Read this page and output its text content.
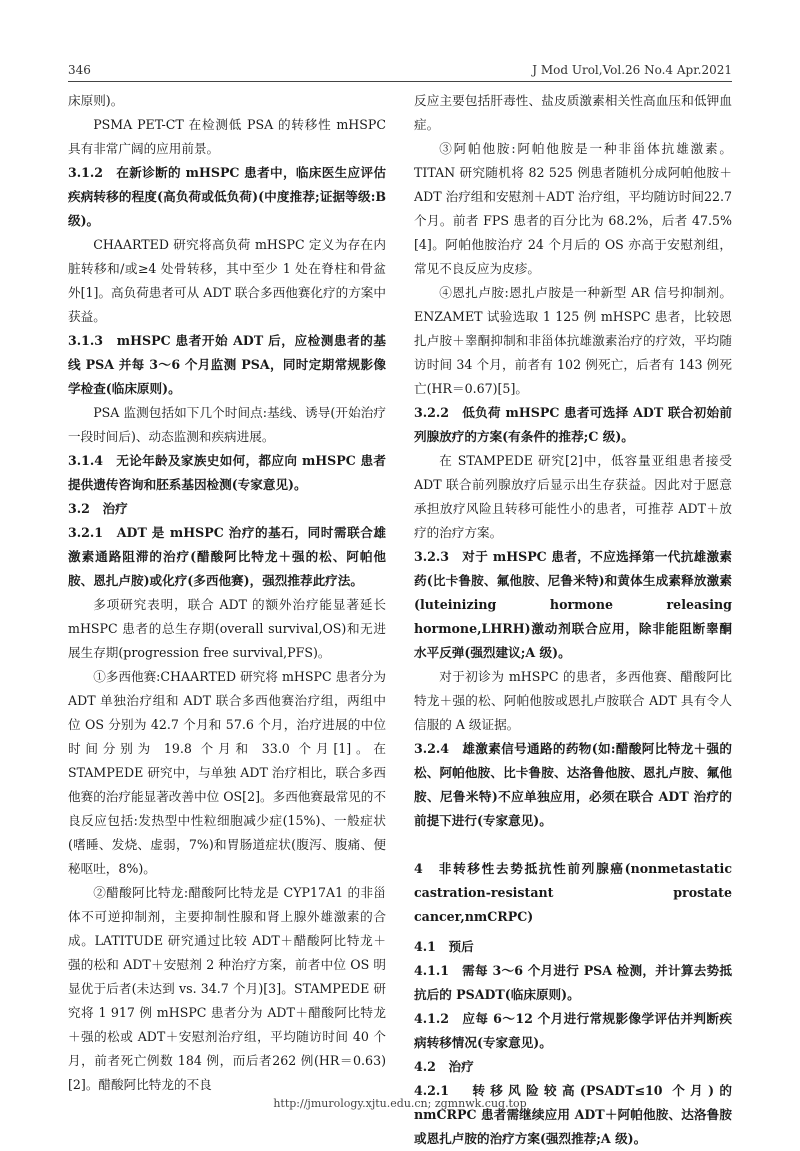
346	J Mod Urol,Vol.26 No.4 Apr.2021

床原则)。

PSMA PET-CT 在检测低 PSA 的转移性 mHSPC 具有非常广阔的应用前景。

3.1.2　在新诊断的 mHSPC 患者中，临床医生应评估疾病转移的程度(高负荷或低负荷)(中度推荐;证据等级:B 级)。

CHAARTED 研究将高负荷 mHSPC 定义为存在内脏转移和/或≥4 处骨转移，其中至少 1 处在脊柱和骨盆外[1]。高负荷患者可从 ADT 联合多西他赛化疗的方案中获益。

3.1.3　mHSPC 患者开始 ADT 后，应检测患者的基线 PSA 并每 3～6 个月监测 PSA，同时定期常规影像学检查(临床原则)。

PSA 监测包括如下几个时间点:基线、诱导(开始治疗一段时间后)、动态监测和疾病进展。

3.1.4　无论年龄及家族史如何，都应向 mHSPC 患者提供遗传咨询和胚系基因检测(专家意见)。

3.2　治疗

3.2.1　ADT 是 mHSPC 治疗的基石，同时需联合雄激素通路阻滞的治疗(醋酸阿比特龙＋强的松、阿帕他胺、恩扎卢胺)或化疗(多西他赛)，强烈推荐此疗法。

多项研究表明，联合 ADT 的额外治疗能显著延长 mHSPC 患者的总生存期(overall survival,OS)和无进展生存期(progression free survival,PFS)。

①多西他赛:CHAARTED 研究将 mHSPC 患者分为 ADT 单独治疗组和 ADT 联合多西他赛治疗组，两组中位 OS 分别为 42.7 个月和 57.6 个月，治疗进展的中位时间分别为 19.8 个月和 33.0 个月[1]。在 STAMPEDE 研究中，与单独 ADT 治疗相比，联合多西他赛的治疗能显著改善中位 OS[2]。多西他赛最常见的不良反应包括:发热型中性粒细胞减少症(15%)、一般症状(嗜睡、发烧、虚弱，7%)和胃肠道症状(腹泻、腹痛、便秘呕吐，8%)。

②醋酸阿比特龙:醋酸阿比特龙是 CYP17A1 的非甾体不可逆抑制剂，主要抑制性腺和肾上腺外雄激素的合成。LATITUDE 研究通过比较 ADT＋醋酸阿比特龙＋强的松和 ADT＋安慰剂 2 种治疗方案，前者中位 OS 明显优于后者(未达到 vs. 34.7 个月)[3]。STAMPEDE 研究将 1 917 例 mHSPC 患者分为 ADT＋醋酸阿比特龙＋强的松或 ADT＋安慰剂治疗组，平均随访时间 40 个月，前者死亡例数 184 例，而后者262 例(HR＝0.63)[2]。醋酸阿比特龙的不良

反应主要包括肝毒性、盐皮质激素相关性高血压和低钾血症。

③阿帕他胺:阿帕他胺是一种非甾体抗雄激素。TITAN 研究随机将 82 525 例患者随机分成阿帕他胺＋ADT 治疗组和安慰剂＋ADT 治疗组，平均随访时间22.7 个月。前者 FPS 患者的百分比为 68.2%，后者 47.5%[4]。阿帕他胺治疗 24 个月后的 OS 亦高于安慰剂组，常见不良反应为皮疹。

④恩扎卢胺:恩扎卢胺是一种新型 AR 信号抑制剂。ENZAMET 试验选取 1 125 例 mHSPC 患者，比较恩扎卢胺＋睾酮抑制和非甾体抗雄激素治疗的疗效，平均随访时间 34 个月，前者有 102 例死亡，后者有 143 例死亡(HR＝0.67)[5]。

3.2.2　低负荷 mHSPC 患者可选择 ADT 联合初始前列腺放疗的方案(有条件的推荐;C 级)。

在 STAMPEDE 研究[2]中，低容量亚组患者接受 ADT 联合前列腺放疗后显示出生存获益。因此对于愿意承担放疗风险且转移可能性小的患者，可推荐 ADT＋放疗的治疗方案。

3.2.3　对于 mHSPC 患者，不应选择第一代抗雄激素药(比卡鲁胺、氟他胺、尼鲁米特)和黄体生成素释放激素(luteinizing hormone releasing hormone,LHRH)激动剂联合应用，除非能阻断睾酮水平反弹(强烈建议;A 级)。

对于初诊为 mHSPC 的患者，多西他赛、醋酸阿比特龙＋强的松、阿帕他胺或恩扎卢胺联合 ADT 具有令人信服的 A 级证据。

3.2.4　雄激素信号通路的药物(如:醋酸阿比特龙＋强的松、阿帕他胺、比卡鲁胺、达洛鲁他胺、恩扎卢胺、氟他胺、尼鲁米特)不应单独应用，必须在联合 ADT 治疗的前提下进行(专家意见)。

4　非转移性去势抵抗性前列腺癌(nonmetastatic castration-resistant prostate cancer,nmCRPC)

4.1　预后

4.1.1　需每 3～6 个月进行 PSA 检测，并计算去势抵抗后的 PSADT(临床原则)。

4.1.2　应每 6～12 个月进行常规影像学评估并判断疾病转移情况(专家意见)。

4.2　治疗

4.2.1　转移风险较高(PSADT≤10 个月)的 nmCRPC 患者需继续应用 ADT＋阿帕他胺、达洛鲁胺或恩扎卢胺的治疗方案(强烈推荐;A 级)。

http://jmurology.xjtu.edu.cn; zgmnwk.cug.top
